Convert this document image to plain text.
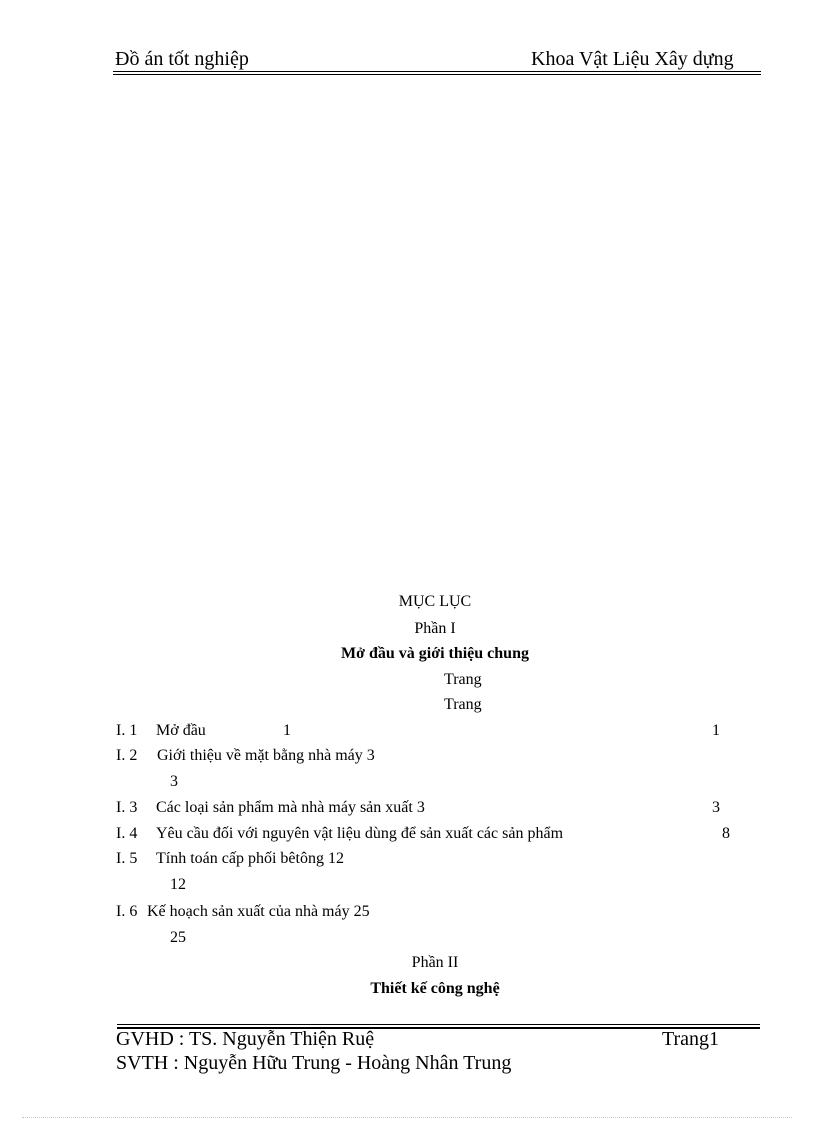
Đồ án tốt nghiệp	Khoa Vật Liệu Xây dựng
MỤC LỤC
Phần I
Mở đầu và giới thiệu chung
Trang
Trang
I. 1 Mở đầu	1	1
I. 2 Giới thiệu về mặt bằng nhà máy 3
3
I. 3 Các loại sản phẩm mà nhà máy sản xuất 3	3
I. 4 Yêu cầu đối với nguyên vật liệu dùng để sản xuất các sản phẩm	8
I. 5 Tính toán cấp phối bêtông 12
12
I. 6 Kế hoạch sản xuất của nhà máy 25
25
Phần II
Thiết kế công nghệ
GVHD : TS. Nguyễn Thiện Ruệ	Trang1
SVTH : Nguyễn Hữu Trung - Hoàng Nhân Trung
